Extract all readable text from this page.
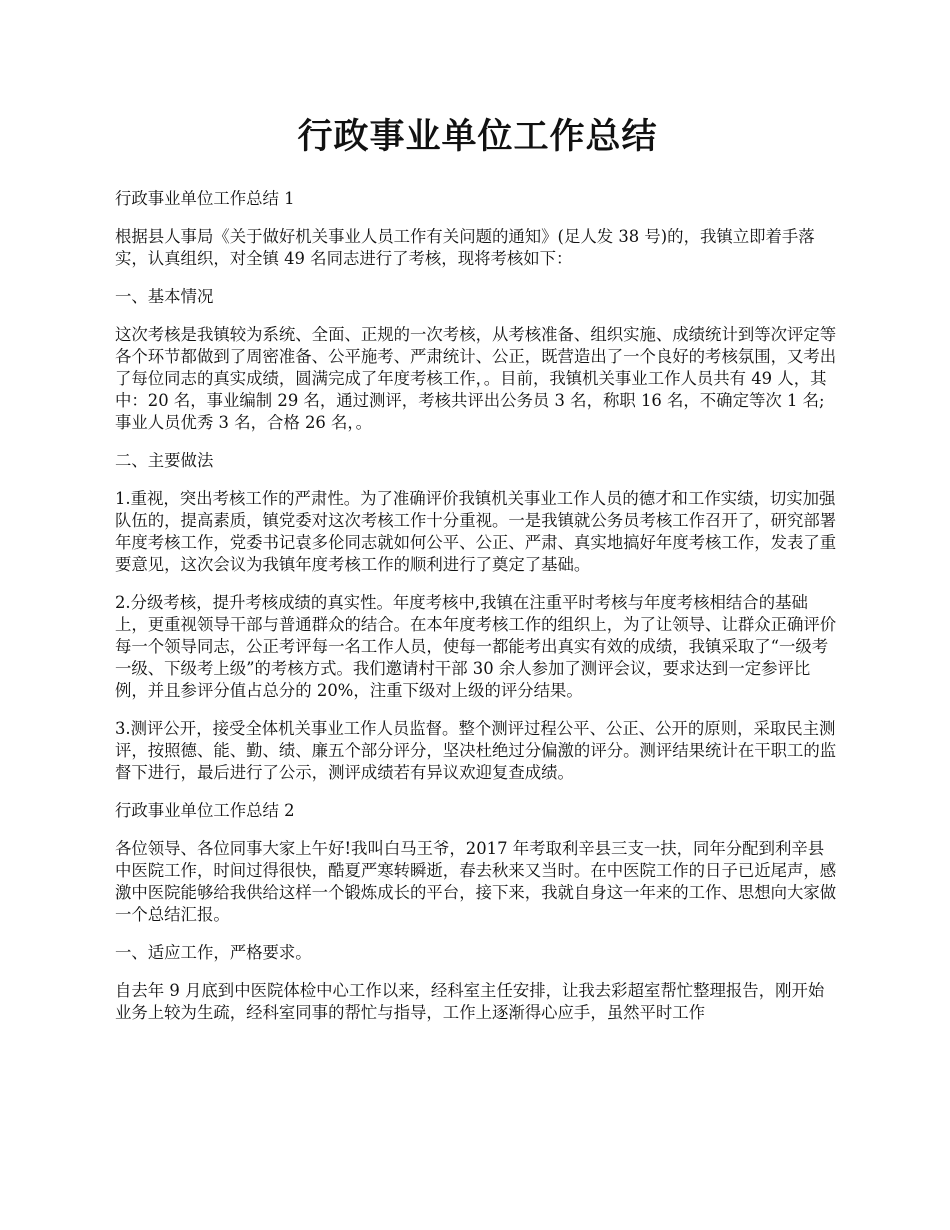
行政事业单位工作总结

行政事业单位工作总结 1

根据县人事局《关于做好机关事业人员工作有关问题的通知》(足人发 38 号)的，我镇立即着手落实，认真组织，对全镇 49 名同志进行了考核，现将考核如下：

一、基本情况

这次考核是我镇较为系统、全面、正规的一次考核，从考核准备、组织实施、成绩统计到等次评定等各个环节都做到了周密准备、公平施考、严肃统计、公正，既营造出了一个良好的考核氛围，又考出了每位同志的真实成绩，圆满完成了年度考核工作，。目前，我镇机关事业工作人员共有 49 人，其中：20 名，事业编制 29 名，通过测评，考核共评出公务员 3 名，称职 16 名，不确定等次 1 名;事业人员优秀 3 名，合格 26 名，。

二、主要做法

1.重视，突出考核工作的严肃性。为了准确评价我镇机关事业工作人员的德才和工作实绩，切实加强队伍的，提高素质，镇党委对这次考核工作十分重视。一是我镇就公务员考核工作召开了，研究部署年度考核工作，党委书记袁多伦同志就如何公平、公正、严肃、真实地搞好年度考核工作，发表了重要意见，这次会议为我镇年度考核工作的顺利进行了奠定了基础。

2.分级考核，提升考核成绩的真实性。年度考核中,我镇在注重平时考核与年度考核相结合的基础上，更重视领导干部与普通群众的结合。在本年度考核工作的组织上，为了让领导、让群众正确评价每一个领导同志，公正考评每一名工作人员，使每一都能考出真实有效的成绩，我镇采取了“一级考一级、下级考上级”的考核方式。我们邀请村干部 30 余人参加了测评会议，要求达到一定参评比例，并且参评分值占总分的 20%，注重下级对上级的评分结果。

3.测评公开，接受全体机关事业工作人员监督。整个测评过程公平、公正、公开的原则，采取民主测评，按照德、能、勤、绩、廉五个部分评分，坚决杜绝过分偏激的评分。测评结果统计在干职工的监督下进行，最后进行了公示，测评成绩若有异议欢迎复查成绩。

行政事业单位工作总结 2

各位领导、各位同事大家上午好!我叫白马王爷，2017 年考取利辛县三支一扶，同年分配到利辛县中医院工作，时间过得很快，酷夏严寒转瞬逝，春去秋来又当时。在中医院工作的日子已近尾声，感激中医院能够给我供给这样一个锻炼成长的平台，接下来，我就自身这一年来的工作、思想向大家做一个总结汇报。

一、适应工作，严格要求。

自去年 9 月底到中医院体检中心工作以来，经科室主任安排，让我去彩超室帮忙整理报告，刚开始业务上较为生疏，经科室同事的帮忙与指导，工作上逐渐得心应手，虽然平时工作
